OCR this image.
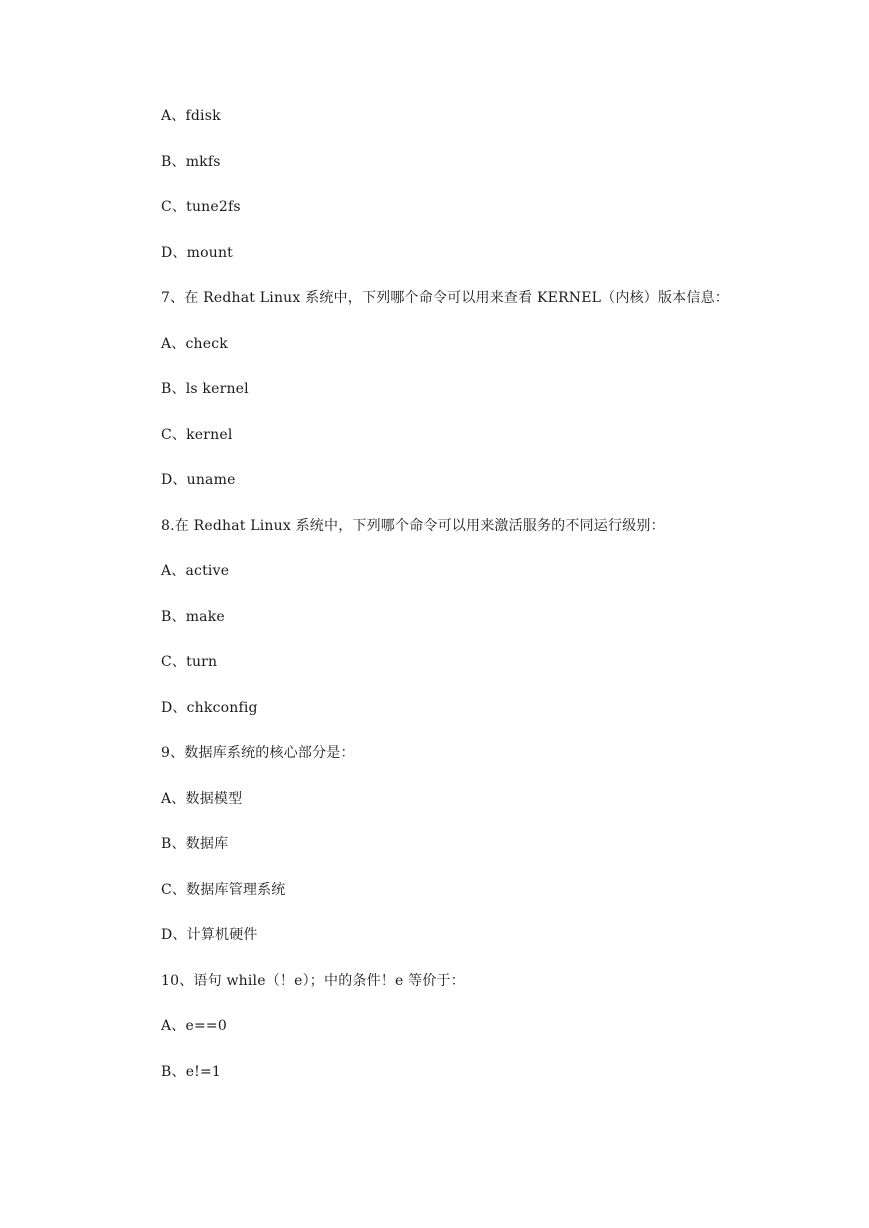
A、fdisk
B、mkfs
C、tune2fs
D、mount
7、在 Redhat Linux 系统中，下列哪个命令可以用来查看 KERNEL（内核）版本信息：
A、check
B、ls kernel
C、kernel
D、uname
8.在 Redhat Linux 系统中，下列哪个命令可以用来激活服务的不同运行级别：
A、active
B、make
C、turn
D、chkconfig
9、数据库系统的核心部分是：
A、数据模型
B、数据库
C、数据库管理系统
D、计算机硬件
10、语句 while（！e）；中的条件！e 等价于：
A、e==0
B、e!=1
